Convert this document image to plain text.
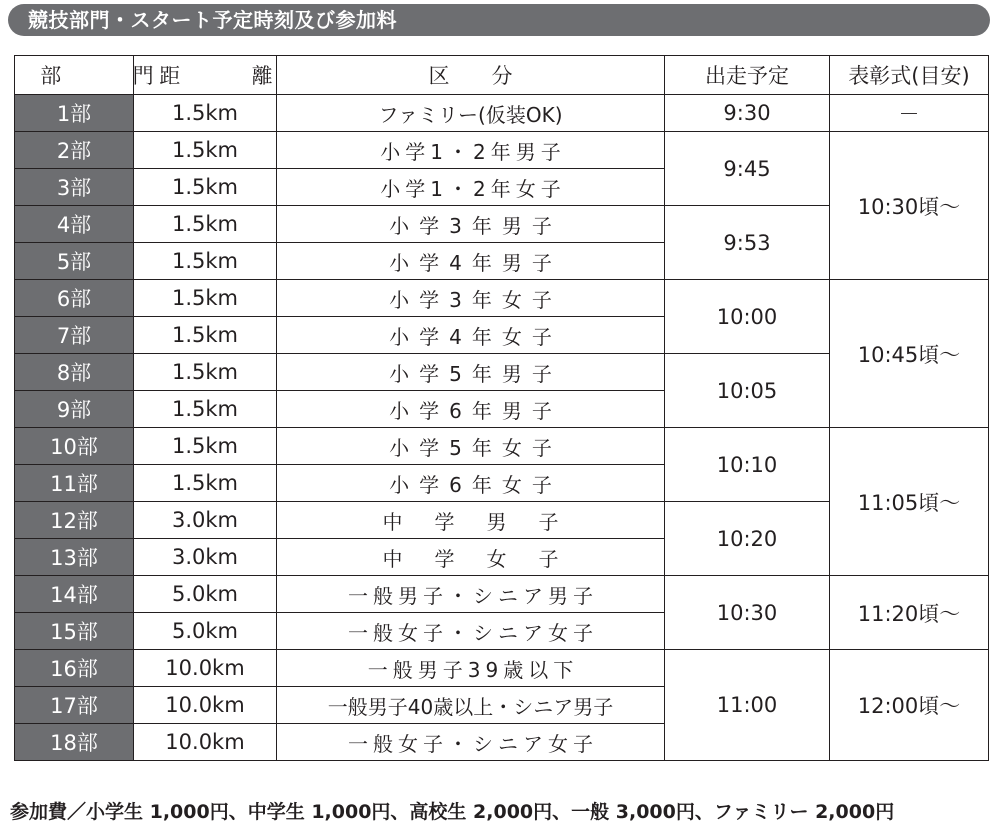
競技部門・スタート予定時刻及び参加料
部　門	距　離	区　　分	出走予定	表彰式(目安)
1部	1.5km	ファミリー(仮装OK)	9:30	－
2部	1.5km	小学1・2年男子	9:45	10:30頃～
3部	1.5km	小学1・2年女子		
4部	1.5km	小学3年男子	9:53	
5部	1.5km	小学4年男子		
6部	1.5km	小学3年女子	10:00	10:45頃～
7部	1.5km	小学4年女子		
8部	1.5km	小学5年男子	10:05	
9部	1.5km	小学6年男子		
10部	1.5km	小学5年女子	10:10	11:05頃～
11部	1.5km	小学6年女子		
12部	3.0km	中学男子	10:20	
13部	3.0km	中学女子		
14部	5.0km	一般男子・シニア男子	10:30	11:20頃～
15部	5.0km	一般女子・シニア女子		
16部	10.0km	一般男子39歳以下	11:00	12:00頃～
17部	10.0km	一般男子40歳以上・シニア男子		
18部	10.0km	一般女子・シニア女子		
参加費／小学生 1,000円、中学生 1,000円、高校生 2,000円、一般 3,000円、ファミリー 2,000円
